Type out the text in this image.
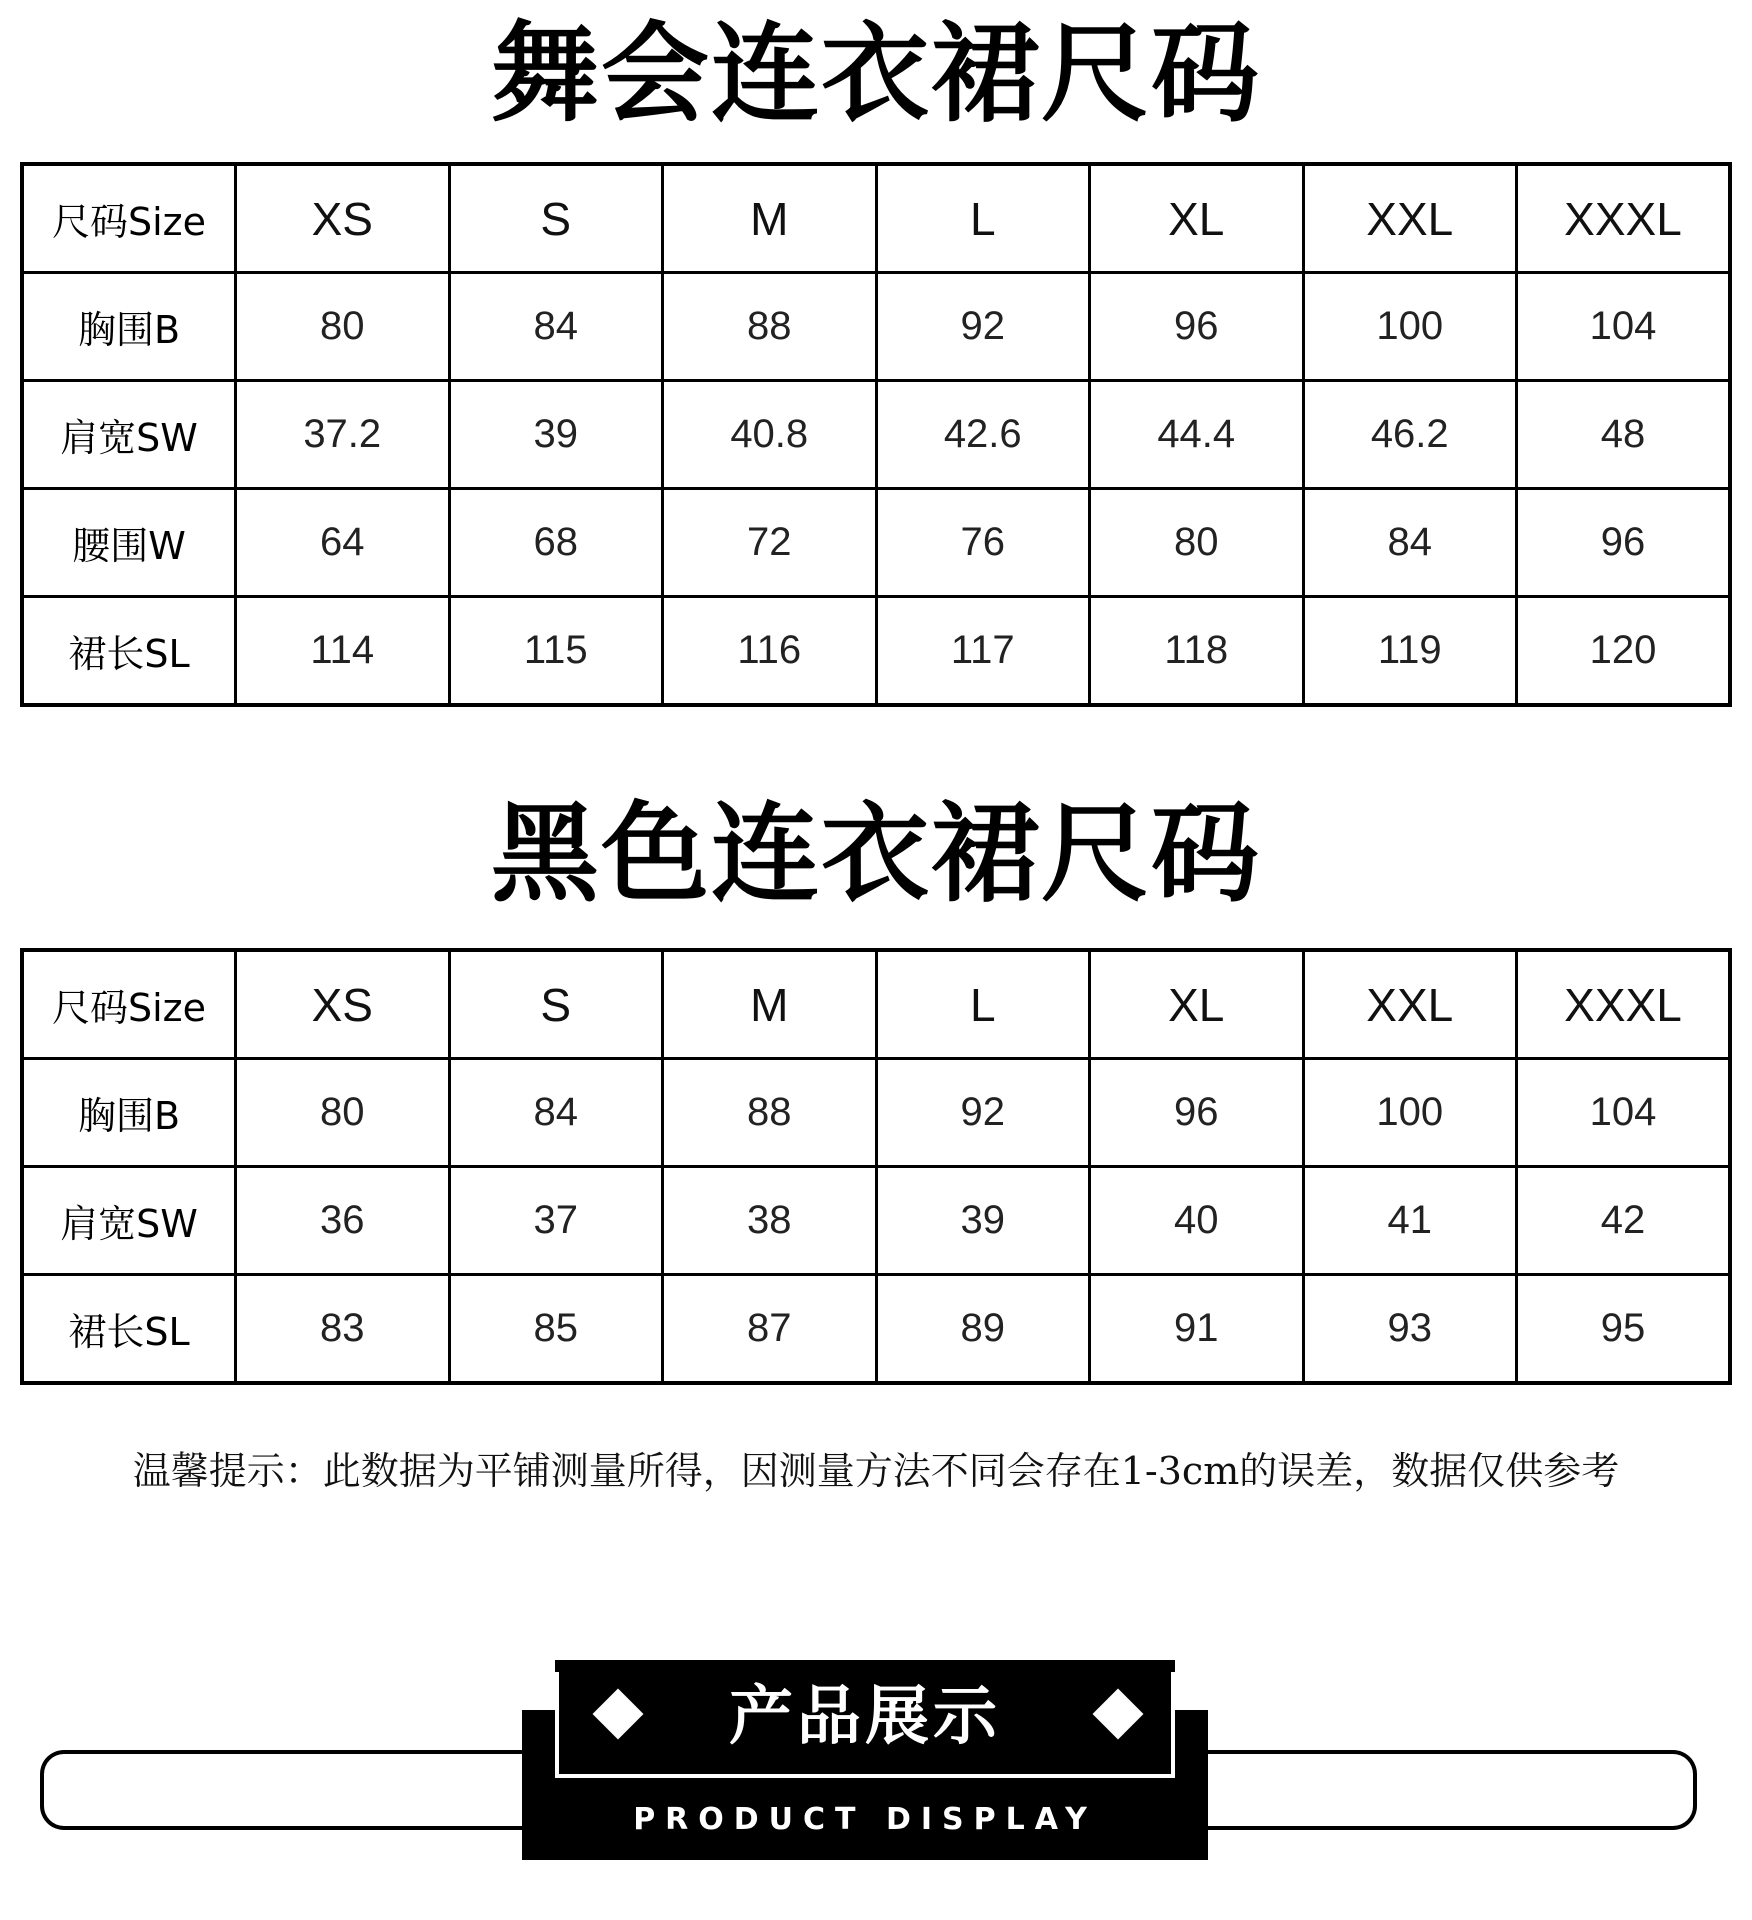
舞会连衣裙尺码
尺码Size	XS	S	M	L	XL	XXL	XXXL
胸围B	80	84	88	92	96	100	104
肩宽SW	37.2	39	40.8	42.6	44.4	46.2	48
腰围W	64	68	72	76	80	84	96
裙长SL	114	115	116	117	118	119	120
黑色连衣裙尺码
尺码Size	XS	S	M	L	XL	XXL	XXXL
胸围B	80	84	88	92	96	100	104
肩宽SW	36	37	38	39	40	41	42
裙长SL	83	85	87	89	91	93	95
温馨提示：此数据为平铺测量所得，因测量方法不同会存在1-3cm的误差，数据仅供参考
产品展示
PRODUCT DISPLAY
